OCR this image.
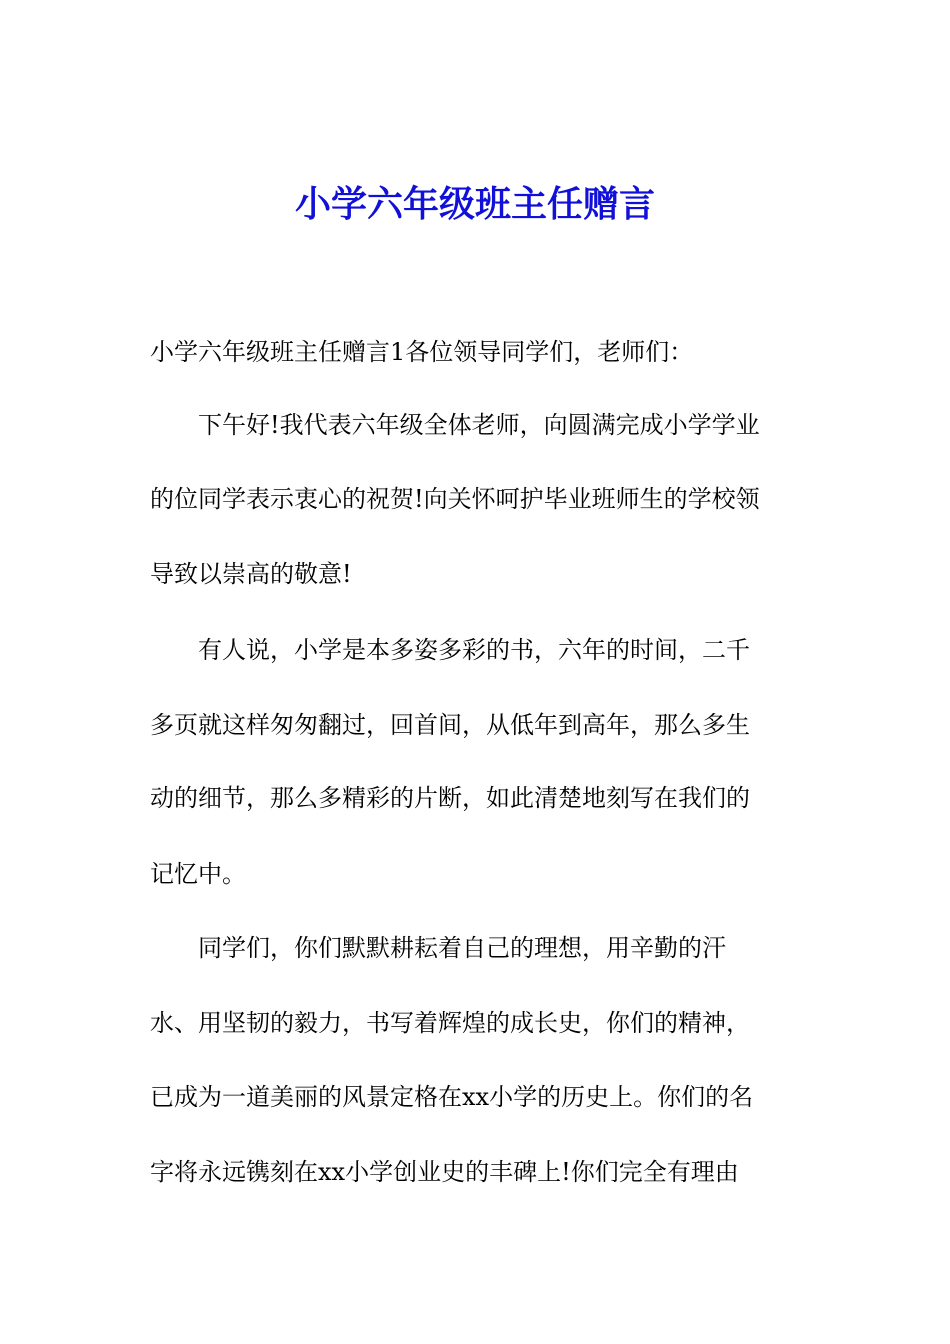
小学六年级班主任赠言
小学六年级班主任赠言1各位领导同学们，老师们：
　　下午好!我代表六年级全体老师，向圆满完成小学学业
的位同学表示衷心的祝贺!向关怀呵护毕业班师生的学校领
导致以崇高的敬意!
　　有人说，小学是本多姿多彩的书，六年的时间，二千
多页就这样匆匆翻过，回首间，从低年到高年，那么多生
动的细节，那么多精彩的片断，如此清楚地刻写在我们的
记忆中。
　　同学们，你们默默耕耘着自己的理想，用辛勤的汗
水、用坚韧的毅力，书写着辉煌的成长史，你们的精神，
已成为一道美丽的风景定格在xx小学的历史上。你们的名
字将永远镌刻在xx小学创业史的丰碑上!你们完全有理由
